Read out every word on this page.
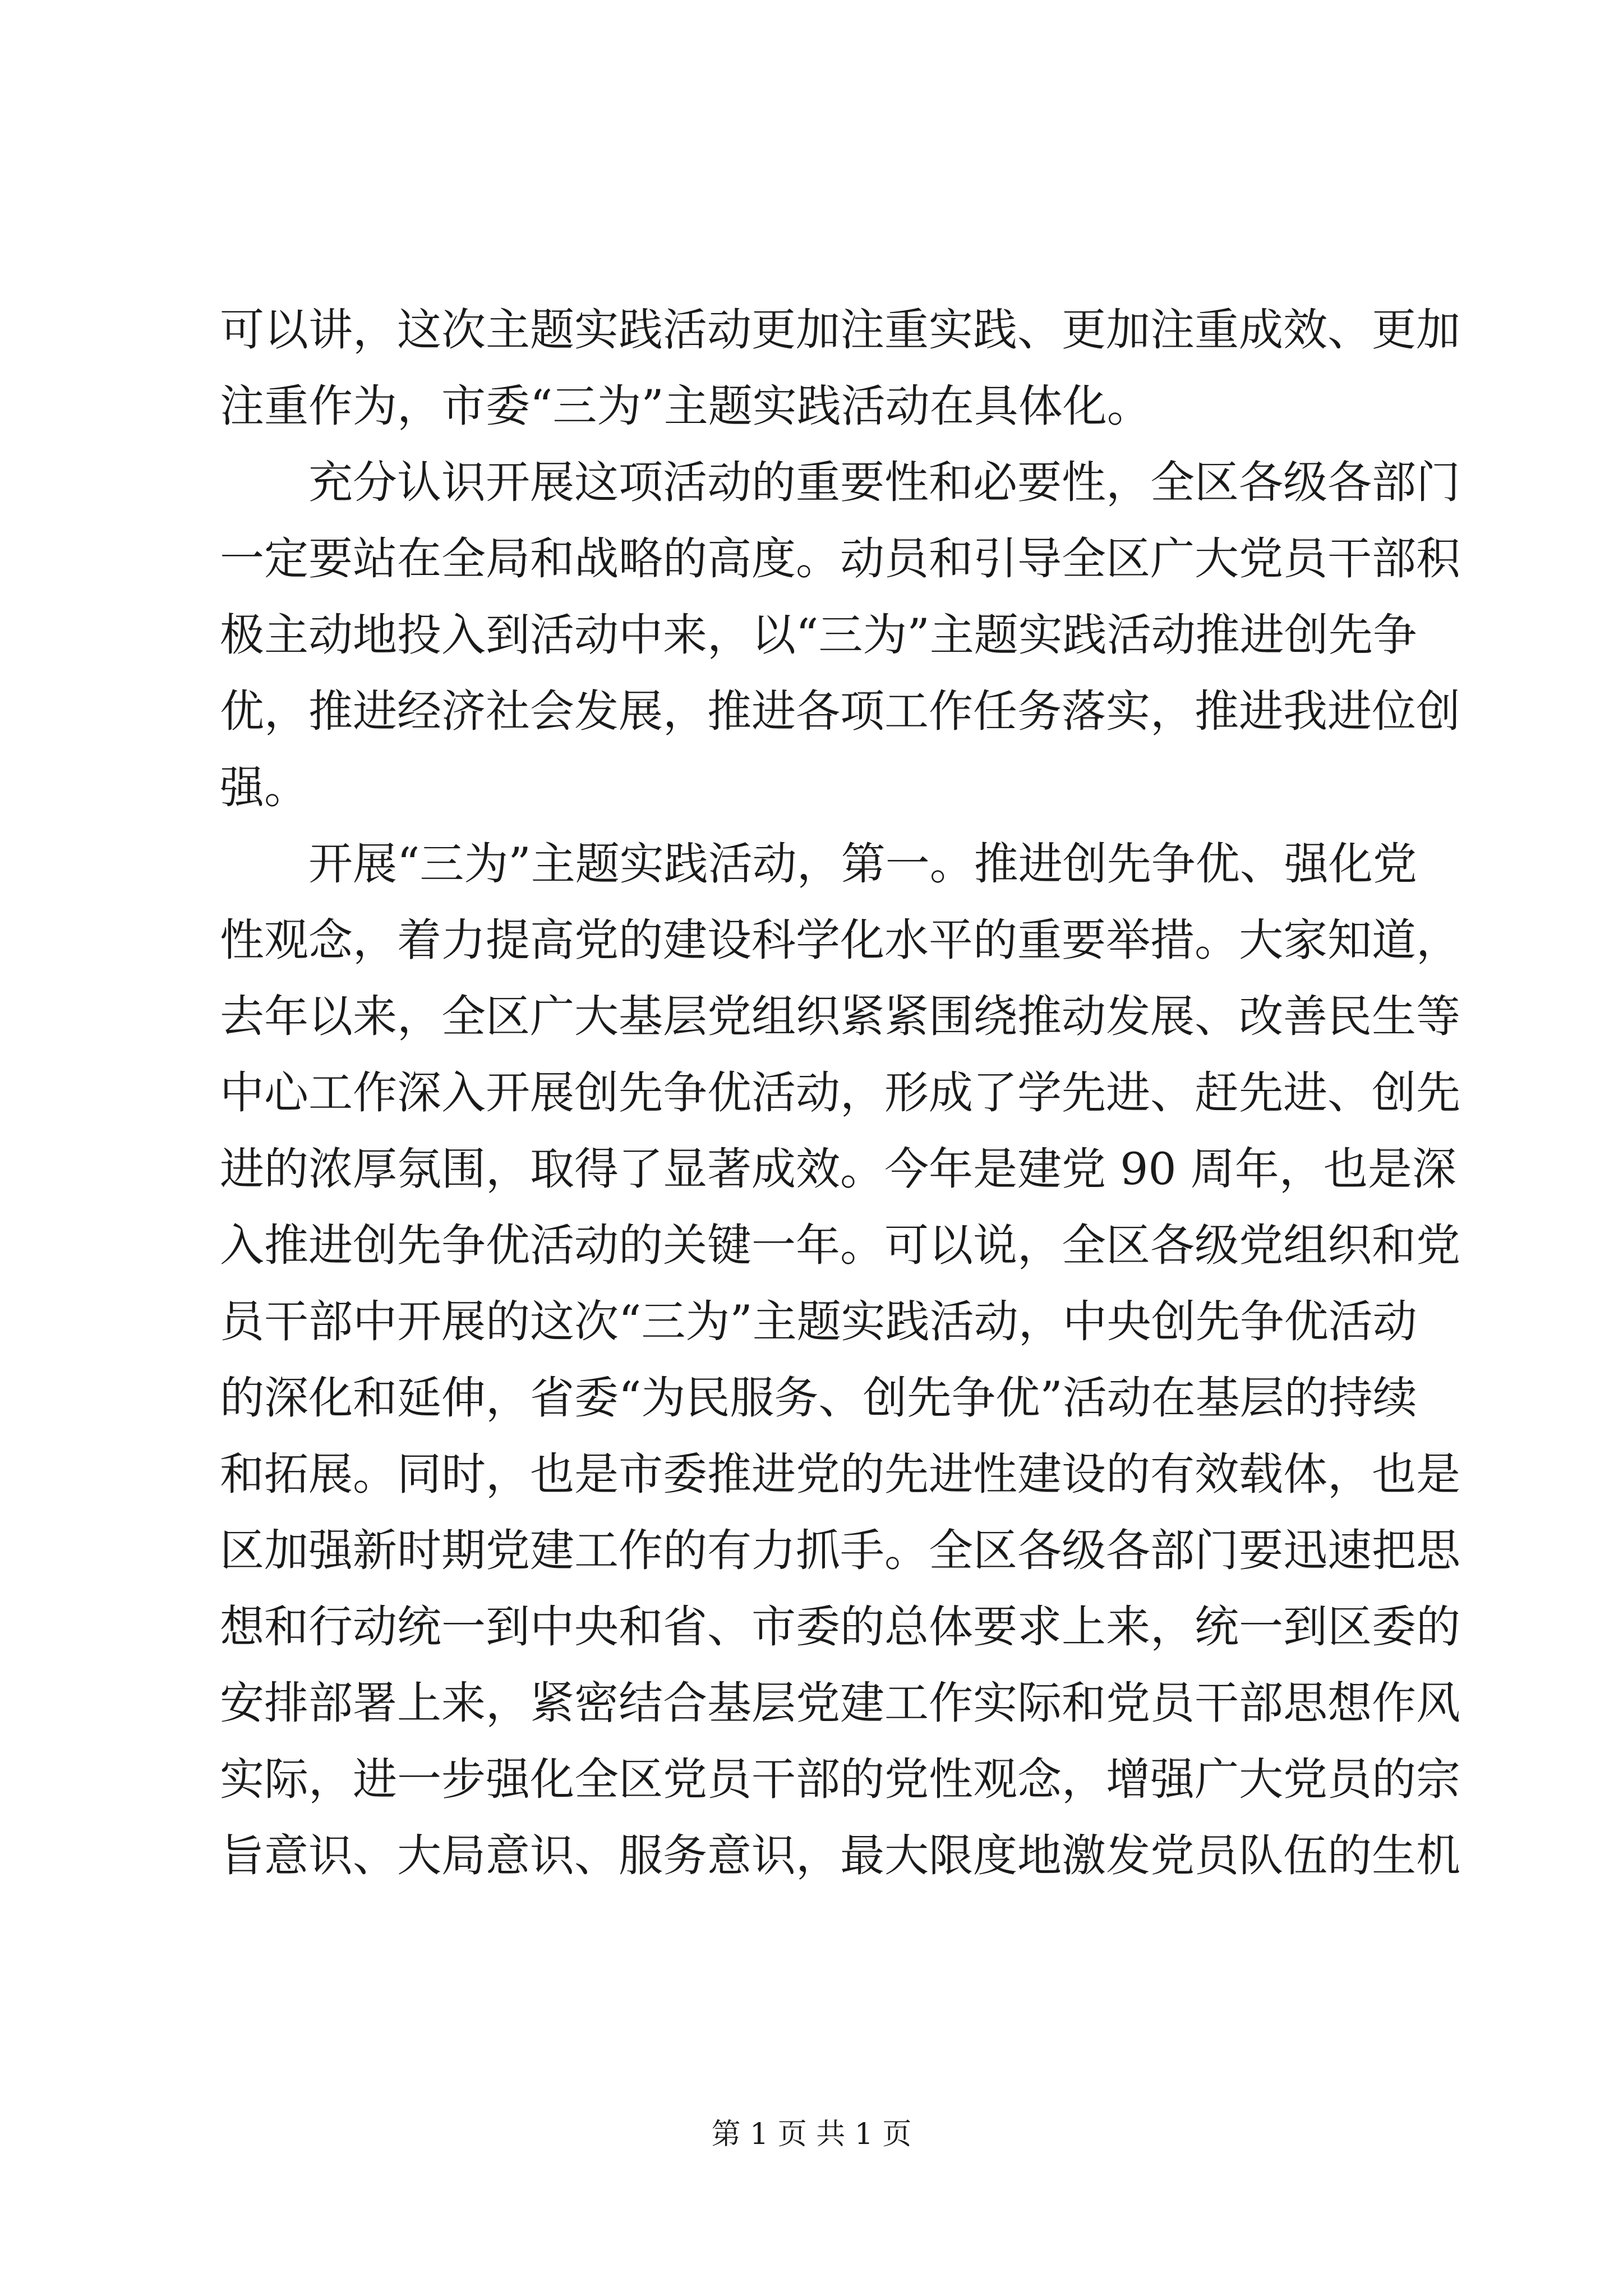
可以讲，这次主题实践活动更加注重实践、更加注重成效、更加
注重作为，市委“三为”主题实践活动在具体化。
充分认识开展这项活动的重要性和必要性，全区各级各部门
一定要站在全局和战略的高度。动员和引导全区广大党员干部积
极主动地投入到活动中来，以“三为”主题实践活动推进创先争
优，推进经济社会发展，推进各项工作任务落实，推进我进位创
强。
开展“三为”主题实践活动，第一。推进创先争优、强化党
性观念，着力提高党的建设科学化水平的重要举措。大家知道，
去年以来，全区广大基层党组织紧紧围绕推动发展、改善民生等
中心工作深入开展创先争优活动，形成了学先进、赶先进、创先
进的浓厚氛围，取得了显著成效。今年是建党 90 周年，也是深
入推进创先争优活动的关键一年。可以说，全区各级党组织和党
员干部中开展的这次“三为”主题实践活动，中央创先争优活动
的深化和延伸，省委“为民服务、创先争优”活动在基层的持续
和拓展。同时，也是市委推进党的先进性建设的有效载体，也是
区加强新时期党建工作的有力抓手。全区各级各部门要迅速把思
想和行动统一到中央和省、市委的总体要求上来，统一到区委的
安排部署上来，紧密结合基层党建工作实际和党员干部思想作风
实际，进一步强化全区党员干部的党性观念，增强广大党员的宗
旨意识、大局意识、服务意识，最大限度地激发党员队伍的生机
第 1 页 共 1 页
